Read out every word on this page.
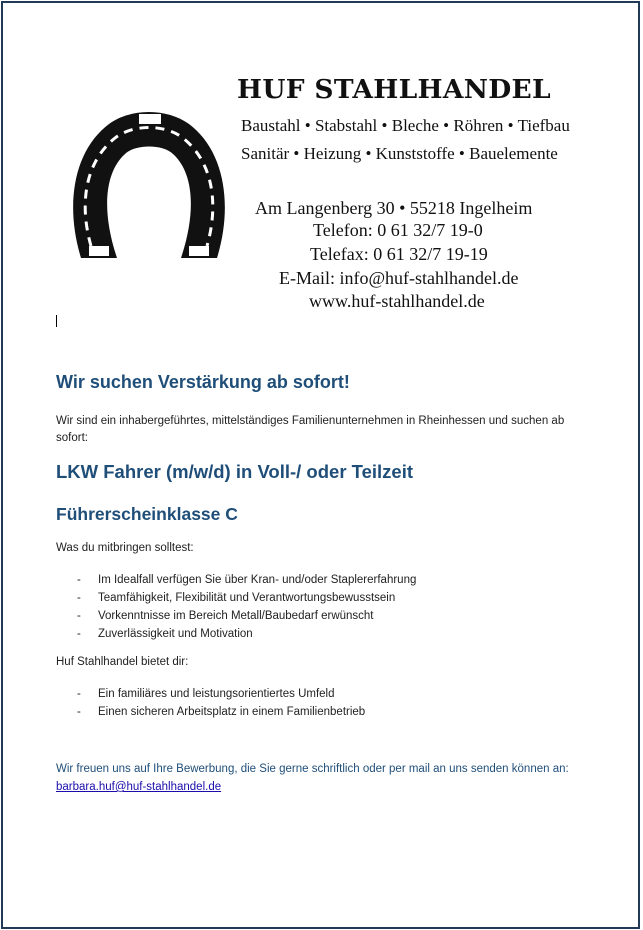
HUF STAHLHANDEL
Baustahl • Stabstahl • Bleche • Röhren • Tiefbau
Sanitär • Heizung • Kunststoffe • Bauelemente
Am Langenberg 30 • 55218 Ingelheim
Telefon: 0 61 32/7 19-0
Telefax: 0 61 32/7 19-19
E-Mail: info@huf-stahlhandel.de
www.huf-stahlhandel.de
Wir suchen Verstärkung ab sofort!
Wir sind ein inhabergeführtes, mittelständiges Familienunternehmen in Rheinhessen und suchen ab sofort:
LKW Fahrer (m/w/d) in Voll-/ oder Teilzeit
Führerscheinklasse C
Was du mitbringen solltest:
- Im Idealfall verfügen Sie über Kran- und/oder Staplererfahrung
- Teamfähigkeit, Flexibilität und Verantwortungsbewusstsein
- Vorkenntnisse im Bereich Metall/Baubedarf erwünscht
- Zuverlässigkeit und Motivation
Huf Stahlhandel bietet dir:
- Ein familiäres und leistungsorientiertes Umfeld
- Einen sicheren Arbeitsplatz in einem Familienbetrieb
Wir freuen uns auf Ihre Bewerbung, die Sie gerne schriftlich oder per mail an uns senden können an:
barbara.huf@huf-stahlhandel.de
